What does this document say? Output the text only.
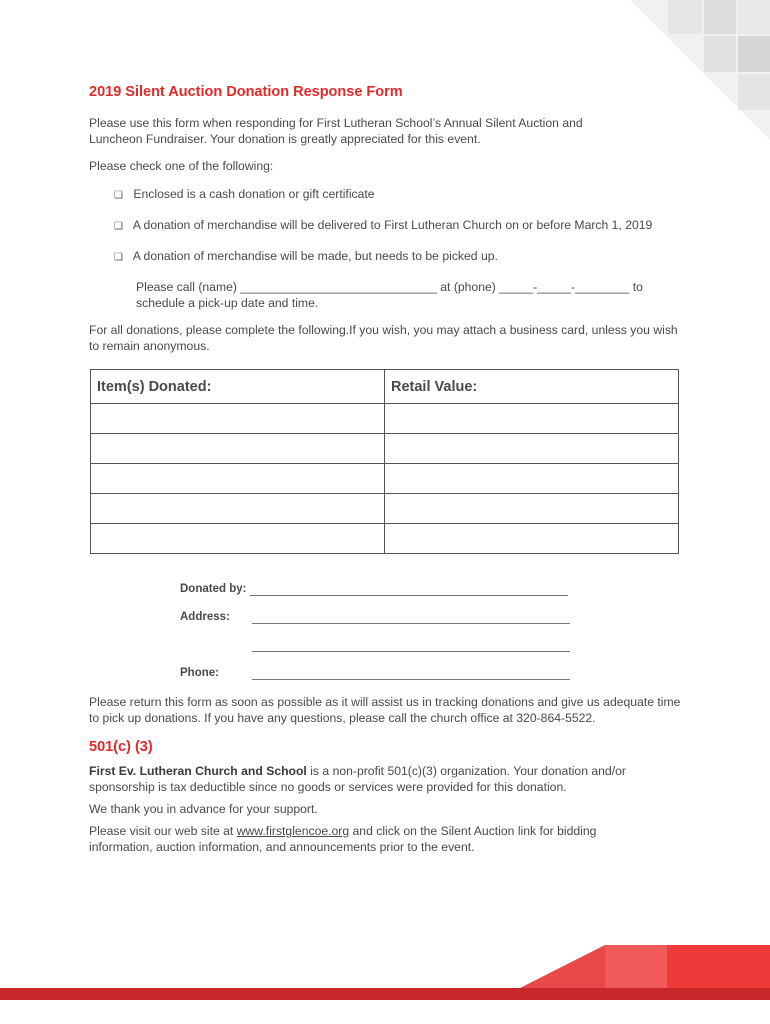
2019 Silent Auction Donation Response Form

Please use this form when responding for First Lutheran School’s Annual Silent Auction and Luncheon Fundraiser. Your donation is greatly appreciated for this event.

Please check one of the following:

❏ Enclosed is a cash donation or gift certificate
❏ A donation of merchandise will be delivered to First Lutheran Church on or before March 1, 2019
❏ A donation of merchandise will be made, but needs to be picked up.

Please call (name) _____________________________ at (phone) _____-_____-________ to schedule a pick-up date and time.

For all donations, please complete the following.If you wish, you may attach a business card, unless you wish to remain anonymous.

Item(s) Donated:	Retail Value:

Donated by:
Address:
Phone:

Please return this form as soon as possible as it will assist us in tracking donations and give us adequate time to pick up donations. If you have any questions, please call the church office at 320-864-5522.

501(c) (3)

First Ev. Lutheran Church and School is a non-profit 501(c)(3) organization. Your donation and/or sponsorship is tax deductible since no goods or services were provided for this donation.

We thank you in advance for your support.

Please visit our web site at www.firstglencoe.org and click on the Silent Auction link for bidding information, auction information, and announcements prior to the event.
